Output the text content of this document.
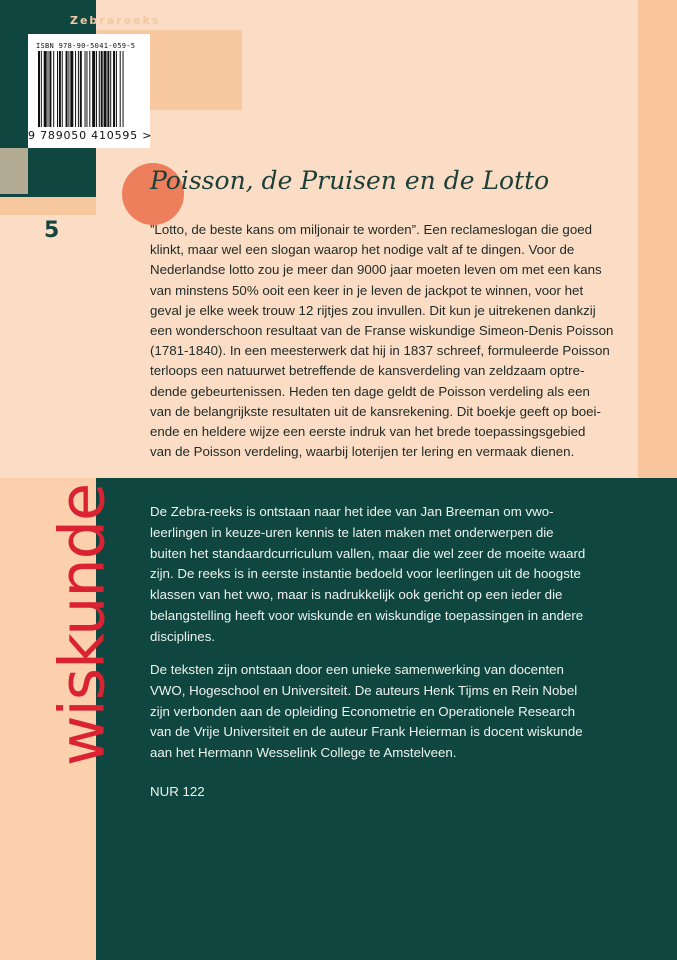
Zebrareeks
ISBN 978-90-5041-059-5
9 789050 410595 >
Poisson, de Pruisen en de Lotto
5	”Lotto, de beste kans om miljonair te worden”. Een reclameslogan die goed
klinkt, maar wel een slogan waarop het nodige valt af te dingen. Voor de
Nederlandse lotto zou je meer dan 9000 jaar moeten leven om met een kans
van minstens 50% ooit een keer in je leven de jackpot te winnen, voor het
geval je elke week trouw 12 rijtjes zou invullen. Dit kun je uitrekenen dankzij
een wonderschoon resultaat van de Franse wiskundige Simeon-Denis Poisson
(1781-1840). In een meesterwerk dat hij in 1837 schreef, formuleerde Poisson
terloops een natuurwet betreffende de kansverdeling van zeldzaam optre-
dende gebeurtenissen. Heden ten dage geldt de Poisson verdeling als een
van de belangrijkste resultaten uit de kansrekening. Dit boekje geeft op boei-
ende en heldere wijze een eerste indruk van het brede toepassingsgebied
van de Poisson verdeling, waarbij loterijen ter lering en vermaak dienen.
wiskunde De Zebra-reeks is ontstaan naar het idee van Jan Breeman om vwo-
leerlingen in keuze-uren kennis te laten maken met onderwerpen die
buiten het standaardcurriculum vallen, maar die wel zeer de moeite waard
zijn. De reeks is in eerste instantie bedoeld voor leerlingen uit de hoogste
klassen van het vwo, maar is nadrukkelijk ook gericht op een ieder die
belangstelling heeft voor wiskunde en wiskundige toepassingen in andere
disciplines.
De teksten zijn ontstaan door een unieke samenwerking van docenten
VWO, Hogeschool en Universiteit. De auteurs Henk Tijms en Rein Nobel
zijn verbonden aan de opleiding Econometrie en Operationele Research
van de Vrije Universiteit en de auteur Frank Heierman is docent wiskunde
aan het Hermann Wesselink College te Amstelveen.
NUR 122
